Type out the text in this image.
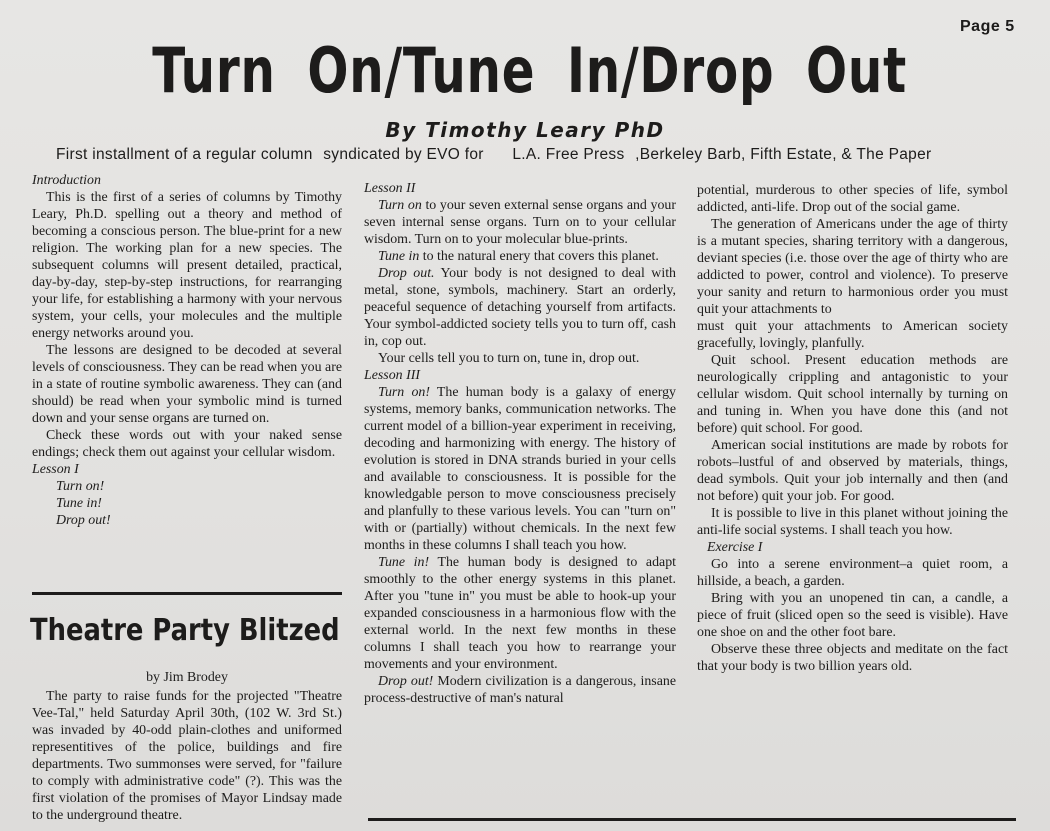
Page 5
Turn On/Tune In/Drop Out
By Timothy Leary PhD
First installment of a regular column syndicated by EVO for L.A. Free Press ,Berkeley Barb, Fifth Estate, & The Paper

Introduction

This is the first of a series of columns by Timothy Leary, Ph.D. spelling out a theory and method of becoming a conscious person. The blue-print for a new religion. The working plan for a new species. The subsequent columns will present detailed, practical, day-by-day, step-by-step instructions, for rearranging your life, for establishing a harmony with your nervous system, your cells, your molecules and the multiple energy networks around you.

The lessons are designed to be decoded at several levels of consciousness. They can be read when you are in a state of routine symbolic awareness. They can (and should) be read when your symbolic mind is turned down and your sense organs are turned on.

Check these words out with your naked sense endings; check them out against your cellular wisdom.

Lesson I

Turn on!

Tune in!

Drop out!

Theatre Party Blitzed
by Jim Brodey

The party to raise funds for the projected "Theatre Vee-Tal," held Saturday April 30th, (102 W. 3rd St.) was invaded by 40-odd plain-clothes and uniformed representitives of the police, buildings and fire departments. Two summonses were served, for "failure to comply with administrative code" (?). This was the first violation of the promises of Mayor Lindsay made to the underground theatre.

Lesson II

Turn on to your seven external sense organs and your seven internal sense organs. Turn on to your cellular wisdom. Turn on to your molecular blue-prints.

Tune in to the natural enery that covers this planet.

Drop out. Your body is not designed to deal with metal, stone, symbols, machinery. Start an orderly, peaceful sequence of detaching yourself from artifacts. Your symbol-addicted society tells you to turn off, cash in, cop out.

Your cells tell you to turn on, tune in, drop out.

Lesson III

Turn on! The human body is a galaxy of energy systems, memory banks, communication networks. The current model of a billion-year experiment in receiving, decoding and harmonizing with energy. The history of evolution is stored in DNA strands buried in your cells and available to consciousness. It is possible for the knowledgable person to move consciousness precisely and planfully to these various levels. You can "turn on" with or (partially) without chemicals. In the next few months in these columns I shall teach you how.

Tune in! The human body is designed to adapt smoothly to the other energy systems in this planet. After you "tune in" you must be able to hook-up your expanded consciousness in a harmonious flow with the external world. In the next few months in these columns I shall teach you how to rearrange your movements and your environment.

Drop out! Modern civilization is a dangerous, insane process-destructive of man's natural

potential, murderous to other species of life, symbol addicted, anti-life. Drop out of the social game.

The generation of Americans under the age of thirty is a mutant species, sharing territory with a dangerous, deviant species (i.e. those over the age of thirty who are addicted to power, control and violence). To preserve your sanity and return to harmonious order you must quit your attachments to

must quit your attachments to American society gracefully, lovingly, planfully.

Quit school. Present education methods are neurologically crippling and antagonistic to your cellular wisdom. Quit school internally by turning on and tuning in. When you have done this (and not before) quit school. For good.

American social institutions are made by robots for robots–lustful of and observed by materials, things, dead symbols. Quit your job internally and then (and not before) quit your job. For good.

It is possible to live in this planet without joining the anti-life social systems. I shall teach you how.

Exercise I

Go into a serene environment–a quiet room, a hillside, a beach, a garden.

Bring with you an unopened tin can, a candle, a piece of fruit (sliced open so the seed is visible). Have one shoe on and the other foot bare.

Observe these three objects and meditate on the fact that your body is two billion years old.
